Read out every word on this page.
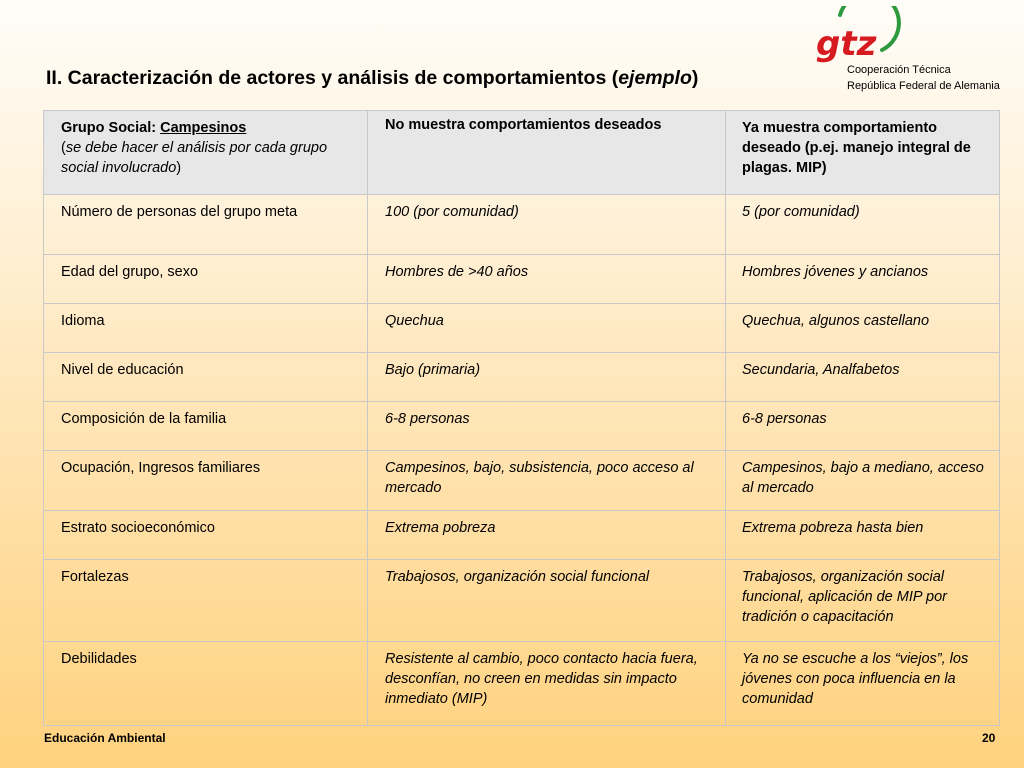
II. Caracterización de actores y análisis de comportamientos (ejemplo)
gtz
Cooperación Técnica
República Federal de Alemania
Grupo Social: Campesinos
(se debe hacer el análisis por cada grupo social involucrado)	No muestra comportamientos deseados	Ya muestra comportamiento deseado (p.ej. manejo integral de plagas. MIP)
Número de personas del grupo meta	100 (por comunidad)	5 (por comunidad)
Edad del grupo, sexo	Hombres de >40 años	Hombres jóvenes y ancianos
Idioma	Quechua	Quechua, algunos castellano
Nivel de educación	Bajo (primaria)	Secundaria, Analfabetos
Composición de la familia	6-8 personas	6-8 personas
Ocupación, Ingresos familiares	Campesinos, bajo, subsistencia, poco acceso al mercado	Campesinos, bajo a mediano, acceso al mercado
Estrato socioeconómico	Extrema pobreza	Extrema pobreza hasta bien
Fortalezas	Trabajosos, organización social funcional	Trabajosos, organización social funcional, aplicación de MIP por tradición o capacitación
Debilidades	Resistente al cambio, poco contacto hacia fuera, desconfían, no creen en medidas sin impacto inmediato (MIP)	Ya no se escuche a los “viejos”, los jóvenes con poca influencia en la comunidad
Educación Ambiental	20
